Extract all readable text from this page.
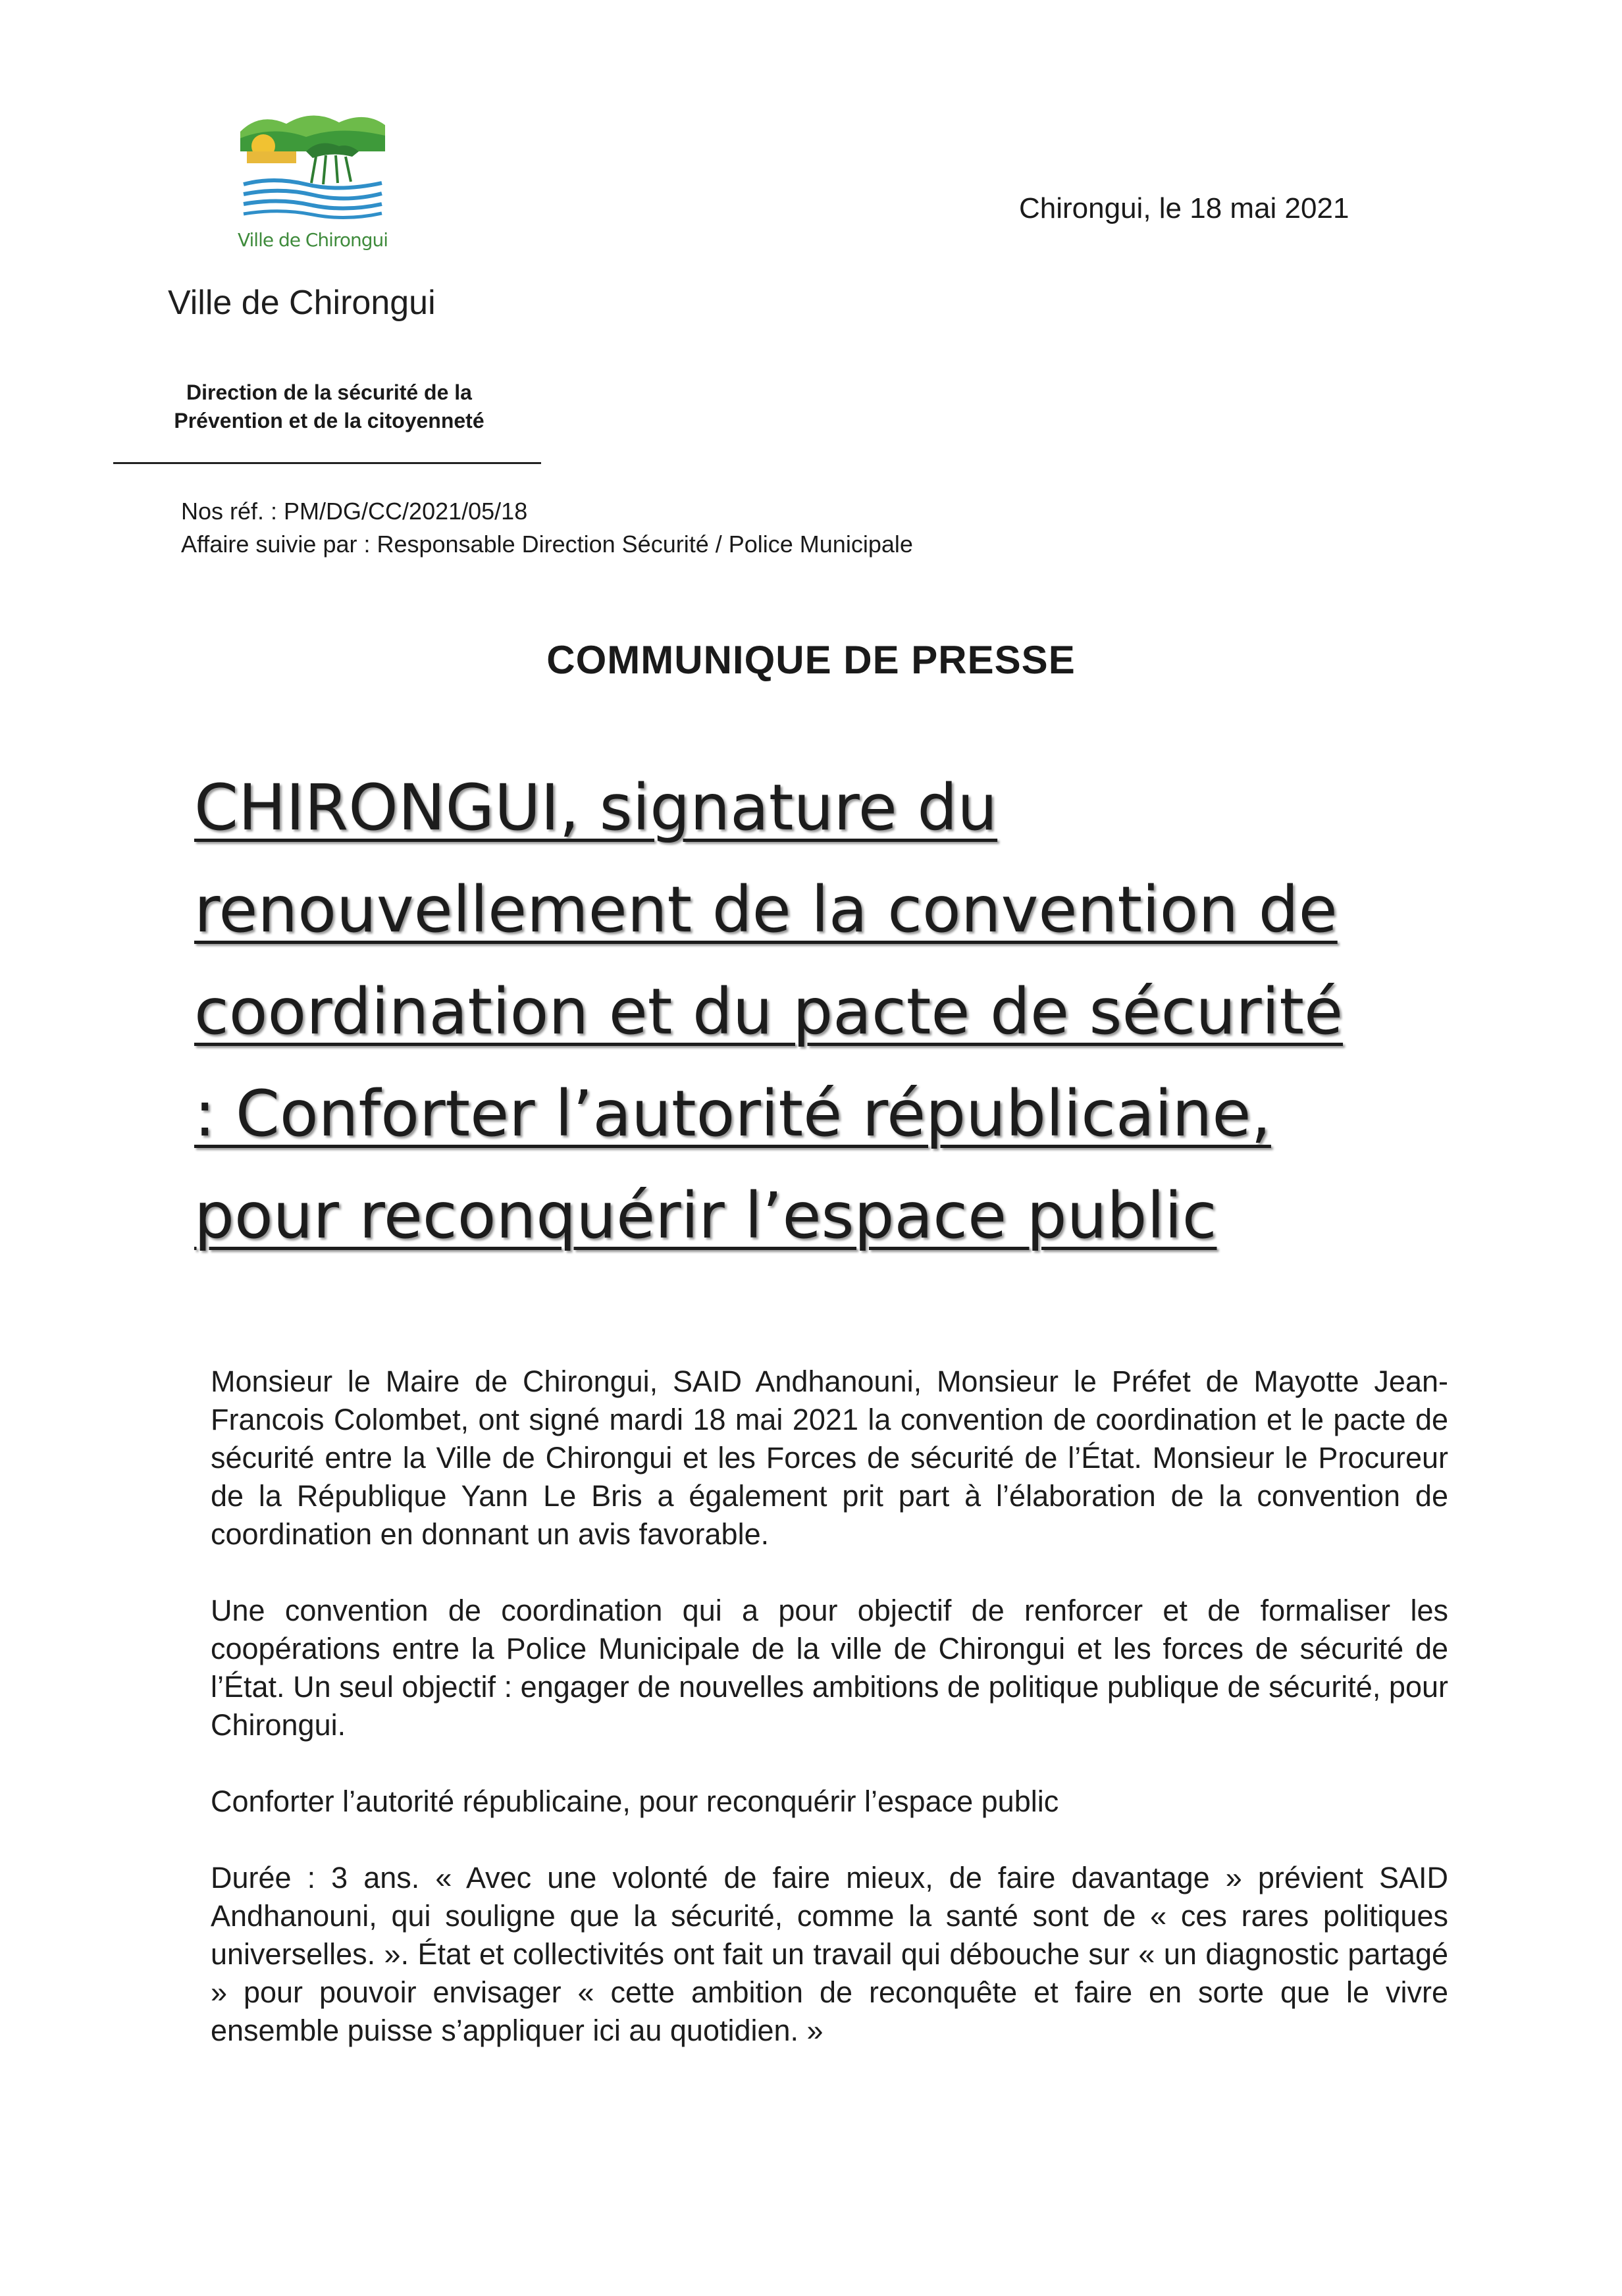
Ville de Chirongui
Ville de Chirongui
Direction de la sécurité de la
Prévention et de la citoyenneté
Chirongui, le 18 mai 2021
Nos réf. : PM/DG/CC/2021/05/18
Affaire suivie par : Responsable Direction Sécurité / Police Municipale
COMMUNIQUE DE PRESSE
CHIRONGUI, signature du
renouvellement de la convention de
coordination et du pacte de sécurité
: Conforter l’autorité républicaine,
pour reconquérir l’espace public

Monsieur le Maire de Chirongui, SAID Andhanouni, Monsieur le Préfet de Mayotte Jean-Francois Colombet, ont signé mardi 18 mai 2021 la convention de coordination et le pacte de sécurité entre la Ville de Chirongui et les Forces de sécurité de l’État. Monsieur le Procureur de la République Yann Le Bris a également prit part à l’élaboration de la convention de coordination en donnant un avis favorable.

Une convention de coordination qui a pour objectif de renforcer et de formaliser les coopérations entre la Police Municipale de la ville de Chirongui et les forces de sécurité de l’État. Un seul objectif : engager de nouvelles ambitions de politique publique de sécurité, pour Chirongui.

Conforter l’autorité républicaine, pour reconquérir l’espace public

Durée : 3 ans. « Avec une volonté de faire mieux, de faire davantage » prévient SAID Andhanouni, qui souligne que la sécurité, comme la santé sont de « ces rares politiques universelles. ». État et collectivités ont fait un travail qui débouche sur « un diagnostic partagé » pour pouvoir envisager « cette ambition de reconquête et faire en sorte que le vivre ensemble puisse s’appliquer ici au quotidien. »
